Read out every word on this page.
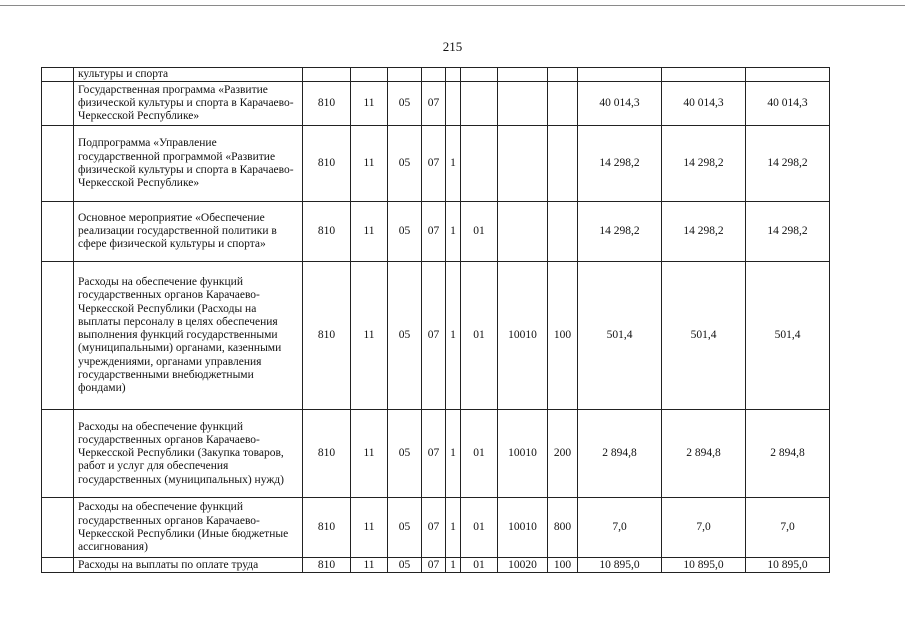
215
	культуры и спорта											
	Государственная программа «Развитие физической культуры и спорта в Карачаево-Черкесской Республике»	810	11	05	07					40 014,3	40 014,3	40 014,3
	Подпрограмма «Управление государственной программой «Развитие физической культуры и спорта в Карачаево-Черкесской Республике»	810	11	05	07	1				14 298,2	14 298,2	14 298,2
	Основное мероприятие «Обеспечение реализации государственной политики в сфере физической культуры и спорта»	810	11	05	07	1	01			14 298,2	14 298,2	14 298,2
	Расходы на обеспечение функций государственных органов Карачаево-Черкесской Республики (Расходы на выплаты персоналу в целях обеспечения выполнения функций государственными (муниципальными) органами, казенными учреждениями, органами управления государственными внебюджетными фондами)	810	11	05	07	1	01	10010	100	501,4	501,4	501,4
	Расходы на обеспечение функций государственных органов Карачаево-Черкесской Республики (Закупка товаров, работ и услуг для обеспечения государственных (муниципальных) нужд)	810	11	05	07	1	01	10010	200	2 894,8	2 894,8	2 894,8
	Расходы на обеспечение функций государственных органов Карачаево-Черкесской Республики (Иные бюджетные ассигнования)	810	11	05	07	1	01	10010	800	7,0	7,0	7,0
	Расходы на выплаты по оплате труда	810	11	05	07	1	01	10020	100	10 895,0	10 895,0	10 895,0
